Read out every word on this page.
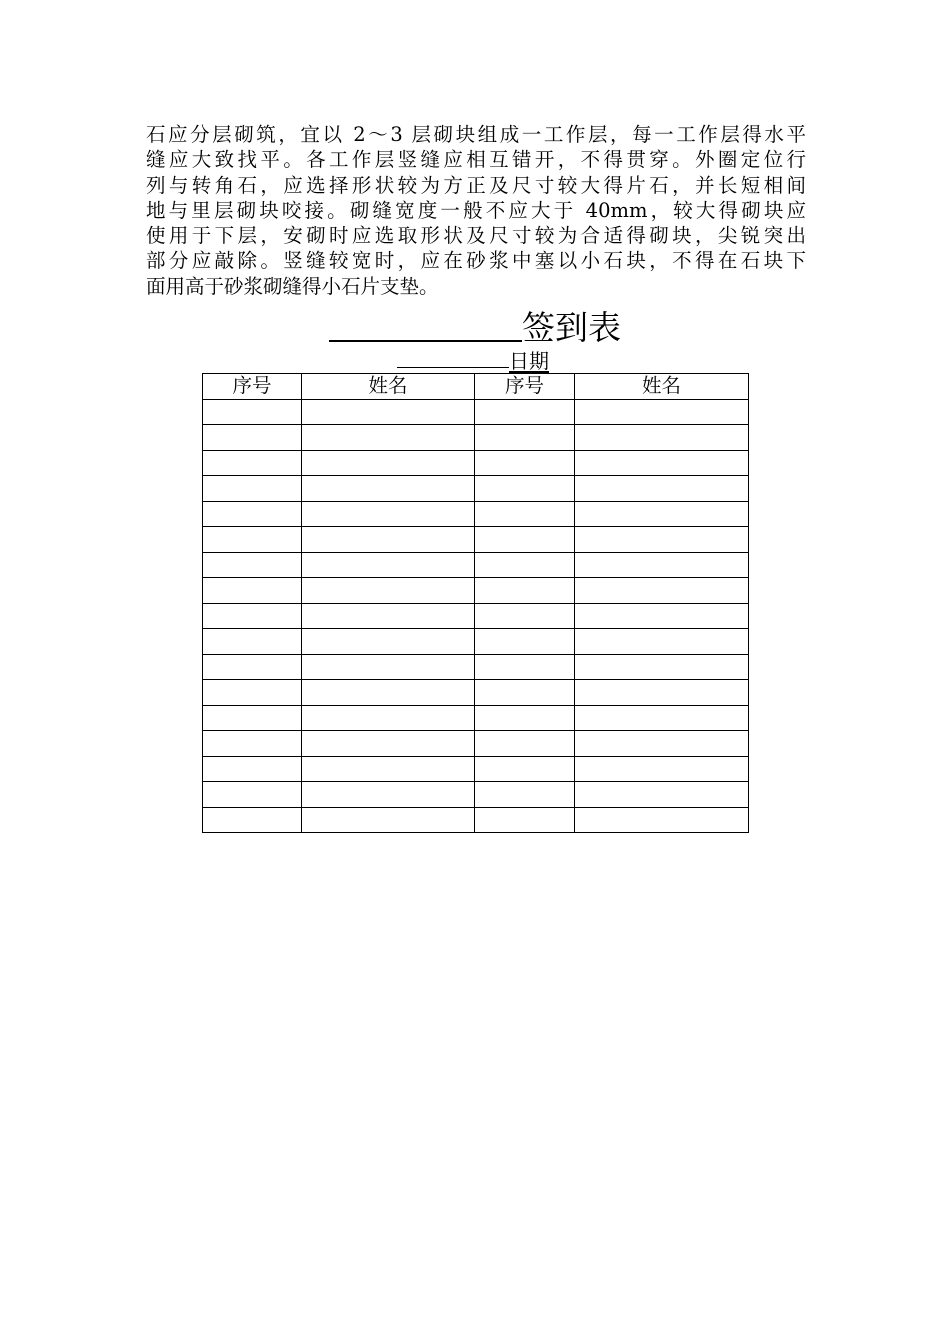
石应分层砌筑，宜以 2～3 层砌块组成一工作层，每一工作层得水平
缝应大致找平。各工作层竖缝应相互错开，不得贯穿。外圈定位行
列与转角石，应选择形状较为方正及尺寸较大得片石，并长短相间
地与里层砌块咬接。砌缝宽度一般不应大于 40mm，较大得砌块应
使用于下层，安砌时应选取形状及尺寸较为合适得砌块，尖锐突出
部分应敲除。竖缝较宽时，应在砂浆中塞以小石块，不得在石块下
面用高于砂浆砌缝得小石片支垫。
签到表
日期
序号	姓名	序号	姓名
